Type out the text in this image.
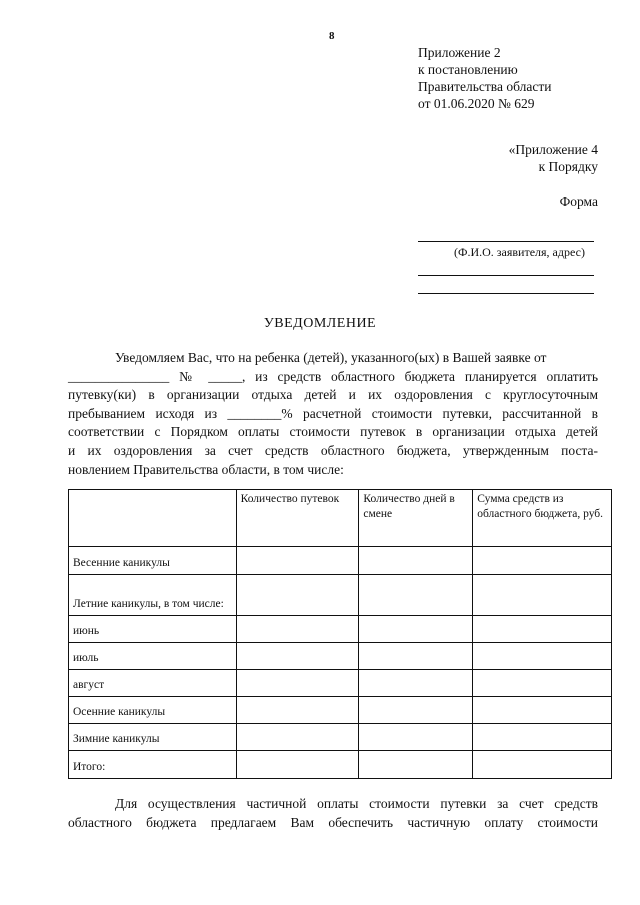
8
Приложение 2
к постановлению
Правительства области
от 01.06.2020 № 629
«Приложение 4
к Порядку
Форма
(Ф.И.О. заявителя, адрес)
УВЕДОМЛЕНИЕ
Уведомляем Вас, что на ребенка (детей), указанного(ых) в Вашей заявке от
_______________ № _____, из средств областного бюджета планируется оплатить
путевку(ки) в организации отдыха детей и их оздоровления с круглосуточным
пребыванием исходя из ________% расчетной стоимости путевки, рассчитанной в
соответствии с Порядком оплаты стоимости путевок в организации отдыха детей
и их оздоровления за счет средств областного бюджета, утвержденным поста-
новлением Правительства области, в том числе:
	Количество путевок	Количество дней в смене	Сумма средств из областного бюджета, руб.
Весенние каникулы			
Летние каникулы, в том числе:			
июнь			
июль			
август			
Осенние каникулы			
Зимние каникулы			
Итого:			
Для осуществления частичной оплаты стоимости путевки за счет средств
областного бюджета предлагаем Вам обеспечить частичную оплату стоимости
